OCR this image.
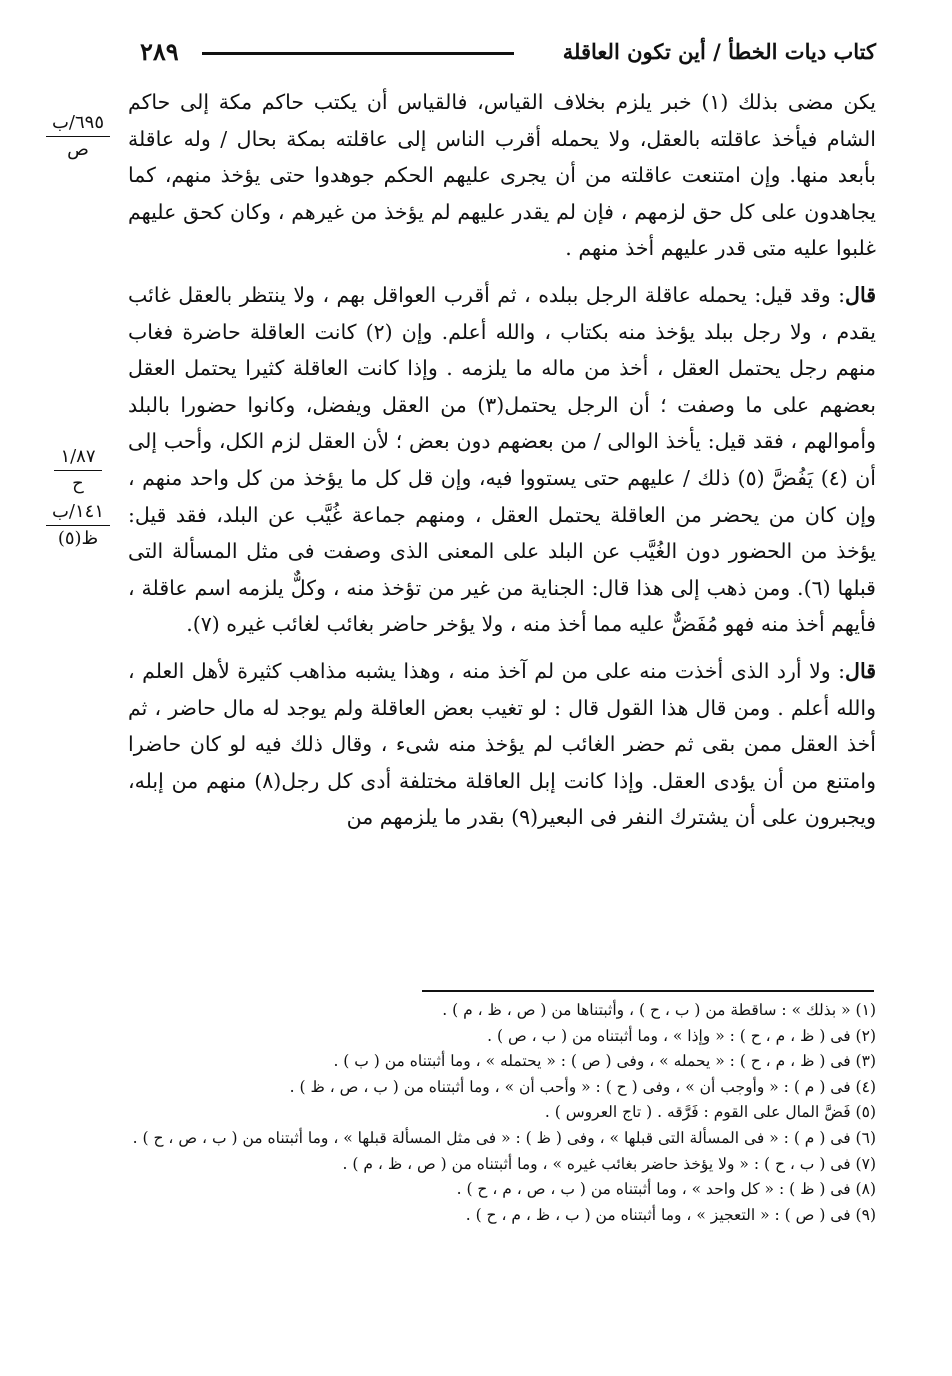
٢٨٩	كتاب ديات الخطأ / أين تكون العاقلة
$\frac{\text{٦٩٥/ب}}{\text{ص}}$
$\frac{١/٨٧}{\text{ح}}$

$\frac{\text{١٤١/ب}}{\text{ظ(٥)}}$

يكن مضى بذلك (١) خبر يلزم بخلاف القياس، فالقياس أن يكتب حاكم مكة إلى حاكم الشام فيأخذ عاقلته بالعقل، ولا يحمله أقرب الناس إلى عاقلته بمكة بحال / وله عاقلة بأبعد منها. وإن امتنعت عاقلته من أن يجرى عليهم الحكم جوهدوا حتى يؤخذ منهم، كما يجاهدون على كل حق لزمهم ، فإن لم يقدر عليهم لم يؤخذ من غيرهم ، وكان كحق عليهم غلبوا عليه متى قدر عليهم أخذ منهم .

قال: وقد قيل: يحمله عاقلة الرجل ببلده ، ثم أقرب العواقل بهم ، ولا ينتظر بالعقل غائب يقدم ، ولا رجل ببلد يؤخذ منه بكتاب ، والله أعلم. وإن (٢) كانت العاقلة حاضرة فغاب منهم رجل يحتمل العقل ، أخذ من ماله ما يلزمه . وإذا كانت العاقلة كثيرا يحتمل العقل بعضهم على ما وصفت ؛ أن الرجل يحتمل(٣) من العقل ويفضل، وكانوا حضورا بالبلد وأموالهم ، فقد قيل: يأخذ الوالى / من بعضهم دون بعض ؛ لأن العقل لزم الكل، وأحب إلى أن (٤) يَفُضَّ (٥) ذلك / عليهم حتى يستووا فيه، وإن قل كل ما يؤخذ من كل واحد منهم ، وإن كان من يحضر من العاقلة يحتمل العقل ، ومنهم جماعة غُيَّب عن البلد، فقد قيل: يؤخذ من الحضور دون الغُيَّب عن البلد على المعنى الذى وصفت فى مثل المسألة التى قبلها (٦). ومن ذهب إلى هذا قال: الجناية من غير من تؤخذ منه ، وكلٌّ يلزمه اسم عاقلة ، فأيهم أخذ منه فهو مُفَضٌّ عليه مما أخذ منه ، ولا يؤخر حاضر بغائب لغائب غيره (٧).

قال: ولا أرد الذى أخذت منه على من لم آخذ منه ، وهذا يشبه مذاهب كثيرة لأهل العلم ، والله أعلم . ومن قال هذا القول قال : لو تغيب بعض العاقلة ولم يوجد له مال حاضر ، ثم أخذ العقل ممن بقى ثم حضر الغائب لم يؤخذ منه شىء ، وقال ذلك فيه لو كان حاضرا وامتنع من أن يؤدى العقل. وإذا كانت إبل العاقلة مختلفة أدى كل رجل(٨) منهم من إبله، ويجبرون على أن يشترك النفر فى البعير(٩) بقدر ما يلزمهم من

(١) « بذلك » : ساقطة من ( ب ، ح ) ، وأثبتناها من ( ص ، ظ ، م ) .
(٢) فى ( ظ ، م ، ح ) : « وإذا » ، وما أثبتناه من ( ب ، ص ) .
(٣) فى ( ظ ، م ، ح ) : « يحمله » ، وفى ( ص ) : « يحتمله » ، وما أثبتناه من ( ب ) .
(٤) فى ( م ) : « وأوجب أن » ، وفى ( ح ) : « وأحب أن » ، وما أثبتناه من ( ب ، ص ، ظ ) .
(٥) فَضَّ المال على القوم : فَرَّقه . ( تاج العروس ) .
(٦) فى ( م ) : « فى المسألة التى قبلها » ، وفى ( ظ ) : « فى مثل المسألة قبلها » ، وما أثبتناه من ( ب ، ص ، ح ) .
(٧) فى ( ب ، ح ) : « ولا يؤخذ حاضر بغائب غيره » ، وما أثبتناه من ( ص ، ظ ، م ) .
(٨) فى ( ظ ) : « كل واحد » ، وما أثبتناه من ( ب ، ص ، م ، ح ) .
(٩) فى ( ص ) : « التعجيز » ، وما أثبتناه من ( ب ، ظ ، م ، ح ) .
